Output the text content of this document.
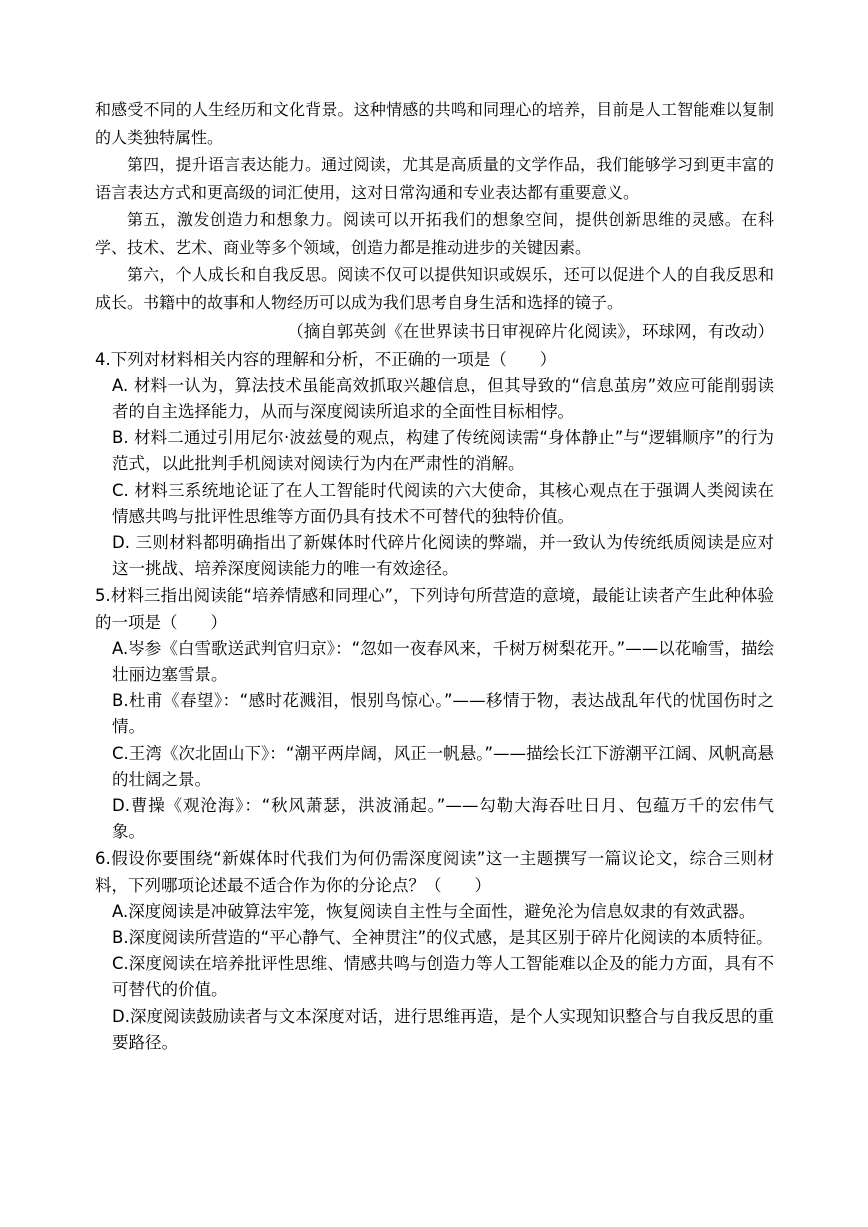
和感受不同的人生经历和文化背景。这种情感的共鸣和同理心的培养，目前是人工智能难以复制的人类独特属性。

第四，提升语言表达能力。通过阅读，尤其是高质量的文学作品，我们能够学习到更丰富的语言表达方式和更高级的词汇使用，这对日常沟通和专业表达都有重要意义。

第五，激发创造力和想象力。阅读可以开拓我们的想象空间，提供创新思维的灵感。在科学、技术、艺术、商业等多个领域，创造力都是推动进步的关键因素。

第六，个人成长和自我反思。阅读不仅可以提供知识或娱乐，还可以促进个人的自我反思和成长。书籍中的故事和人物经历可以成为我们思考自身生活和选择的镜子。

（摘自郭英剑《在世界读书日审视碎片化阅读》，环球网，有改动）

4.下列对材料相关内容的理解和分析，不正确的一项是（　　）

A. 材料一认为，算法技术虽能高效抓取兴趣信息，但其导致的“信息茧房”效应可能削弱读者的自主选择能力，从而与深度阅读所追求的全面性目标相悖。

B. 材料二通过引用尼尔·波兹曼的观点，构建了传统阅读需“身体静止”与“逻辑顺序”的行为范式，以此批判手机阅读对阅读行为内在严肃性的消解。

C. 材料三系统地论证了在人工智能时代阅读的六大使命，其核心观点在于强调人类阅读在情感共鸣与批评性思维等方面仍具有技术不可替代的独特价值。

D. 三则材料都明确指出了新媒体时代碎片化阅读的弊端，并一致认为传统纸质阅读是应对这一挑战、培养深度阅读能力的唯一有效途径。

5.材料三指出阅读能“培养情感和同理心”，下列诗句所营造的意境，最能让读者产生此种体验的一项是（　　）

A.岑参《白雪歌送武判官归京》：“忽如一夜春风来，千树万树梨花开。”——以花喻雪，描绘壮丽边塞雪景。

B.杜甫《春望》：“感时花溅泪，恨别鸟惊心。”——移情于物，表达战乱年代的忧国伤时之情。

C.王湾《次北固山下》：“潮平两岸阔，风正一帆悬。”——描绘长江下游潮平江阔、风帆高悬的壮阔之景。

D.曹操《观沧海》：“秋风萧瑟，洪波涌起。”——勾勒大海吞吐日月、包蕴万千的宏伟气象。

6.假设你要围绕“新媒体时代我们为何仍需深度阅读”这一主题撰写一篇议论文，综合三则材料，下列哪项论述最不适合作为你的分论点？（　　）

A.深度阅读是冲破算法牢笼，恢复阅读自主性与全面性，避免沦为信息奴隶的有效武器。

B.深度阅读所营造的“平心静气、全神贯注”的仪式感，是其区别于碎片化阅读的本质特征。

C.深度阅读在培养批评性思维、情感共鸣与创造力等人工智能难以企及的能力方面，具有不可替代的价值。

D.深度阅读鼓励读者与文本深度对话，进行思维再造，是个人实现知识整合与自我反思的重要路径。
